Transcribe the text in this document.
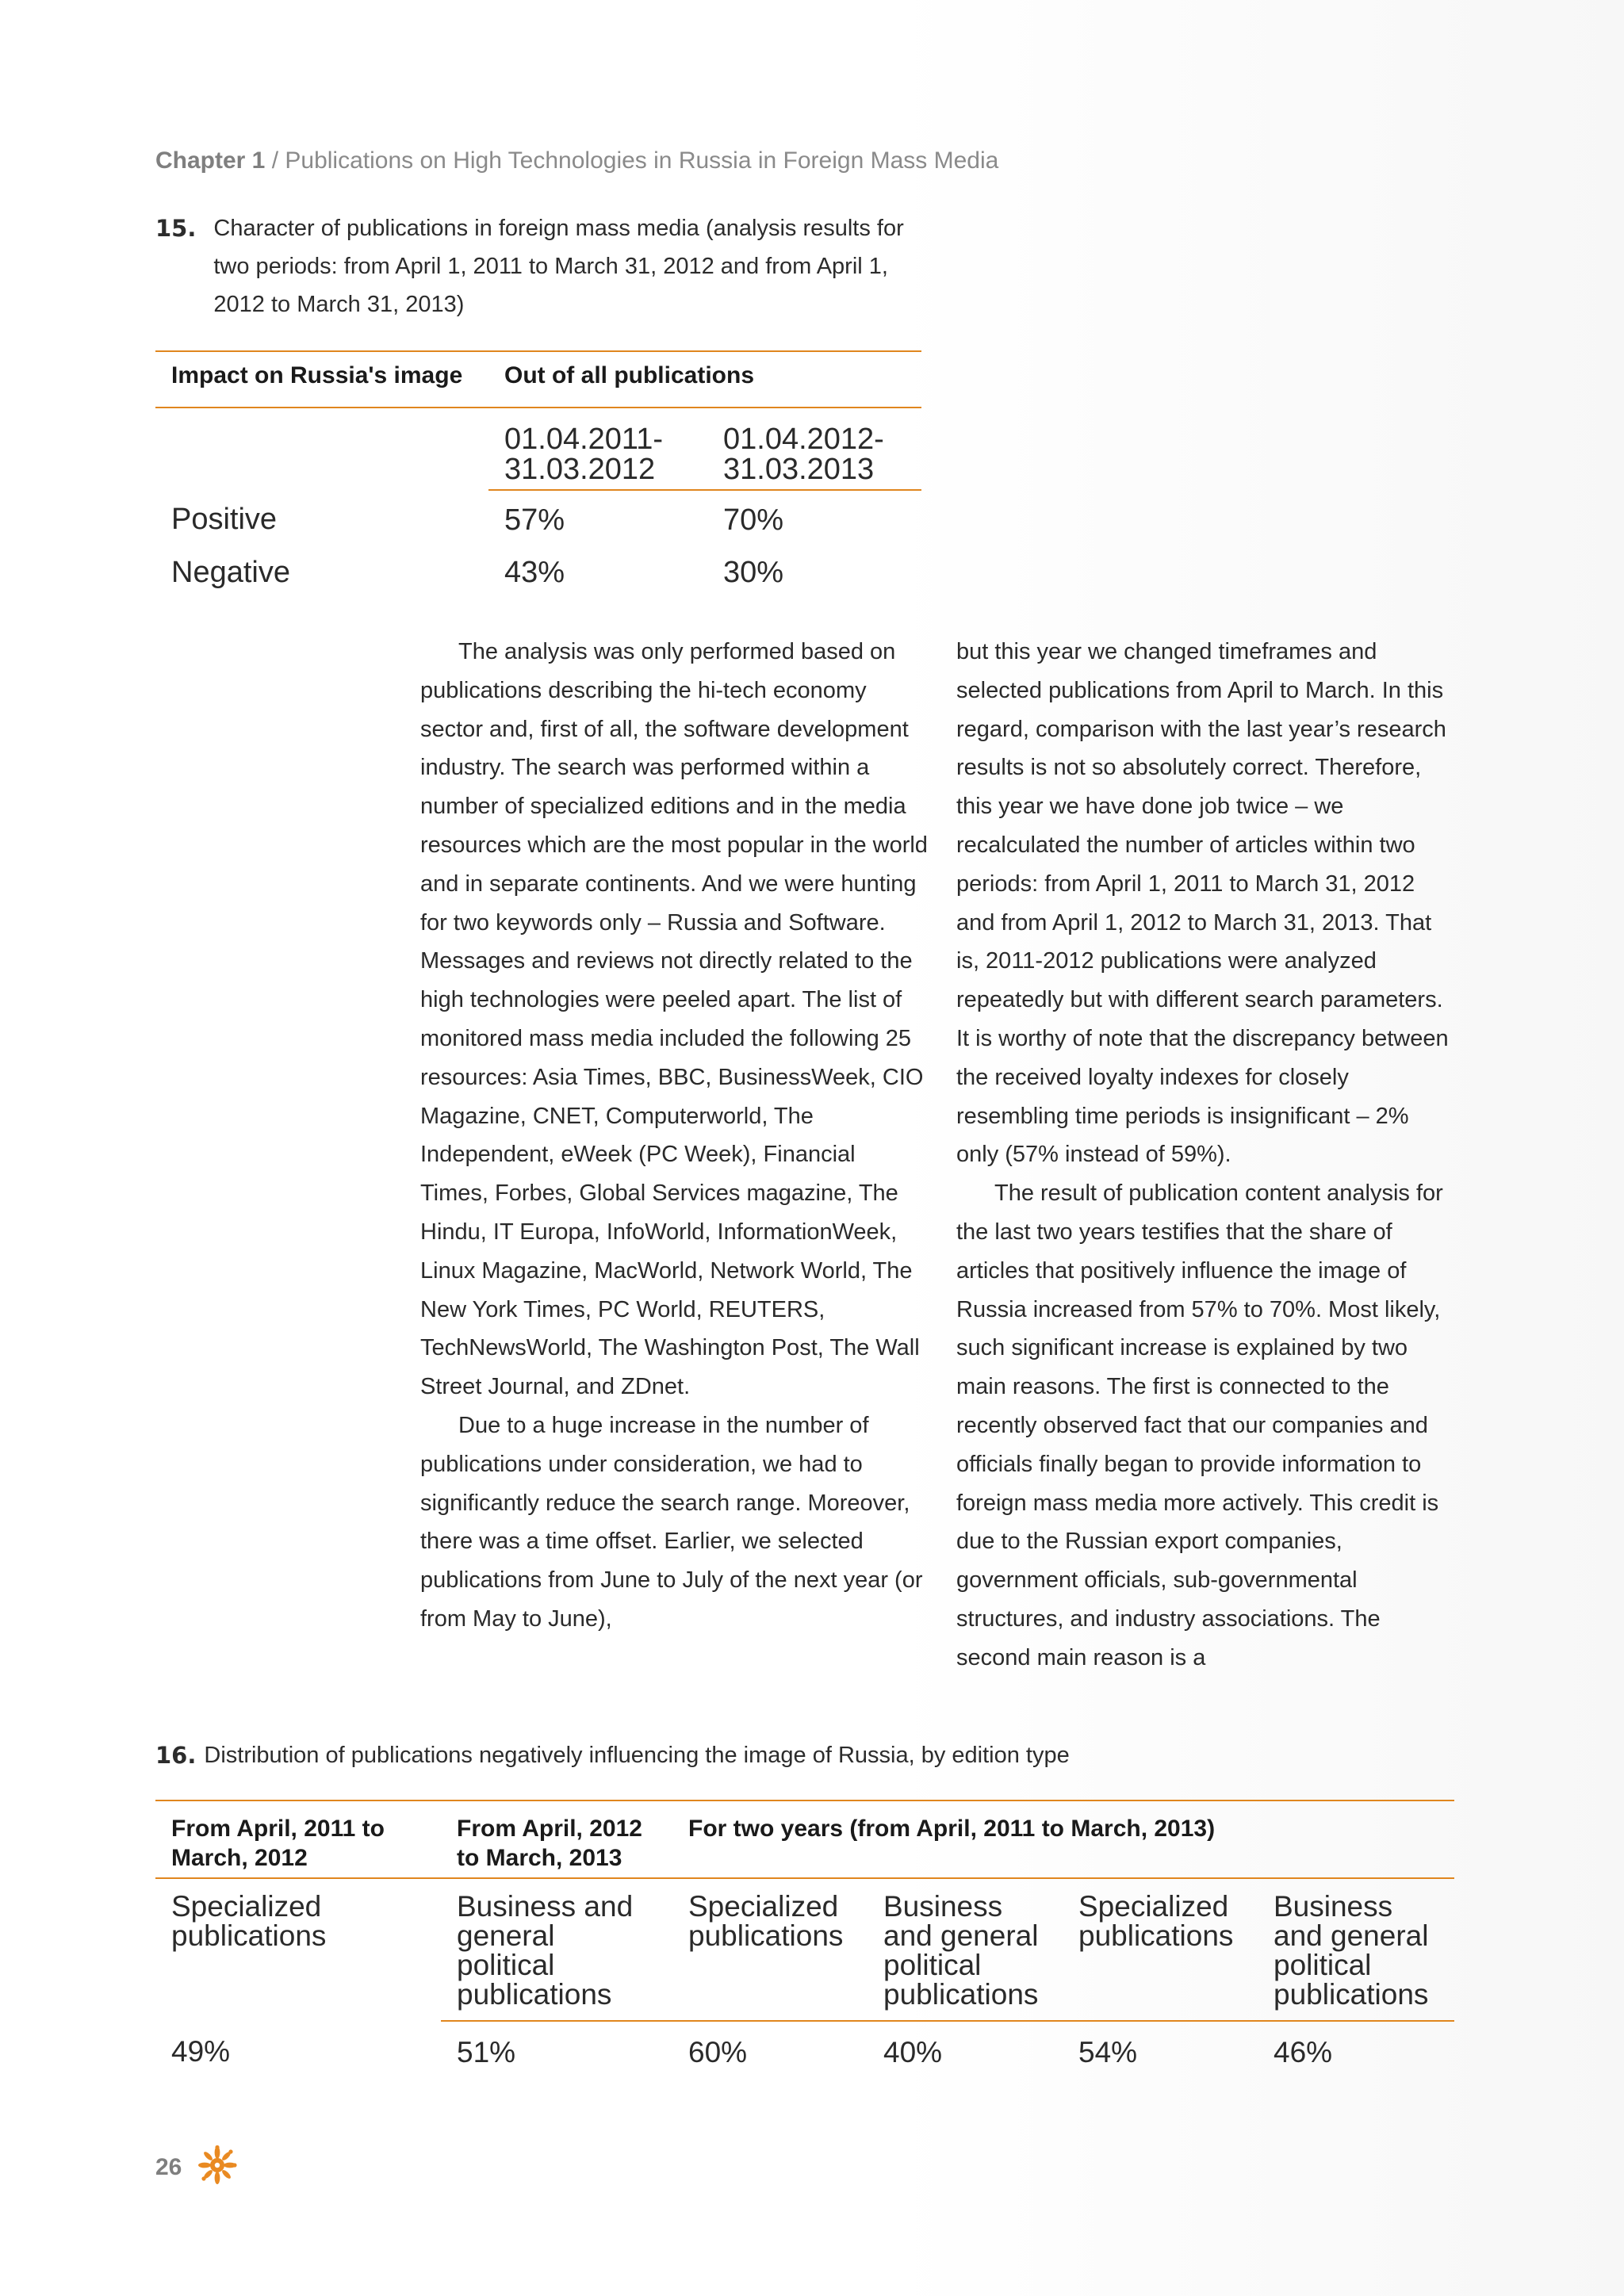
Chapter 1 / Publications on High Technologies in Russia in Foreign Mass Media
15. Character of publications in foreign mass media (analysis results for two periods: from April 1, 2011 to March 31, 2012 and from April 1, 2012 to March 31, 2013)
Impact on Russia's image	Out of all publications	
	01.04.2011-
31.03.2012	01.04.2012-
31.03.2013
Positive	57%	70%
Negative	43%	30%

The analysis was only performed based on publications describing the hi-tech economy sector and, first of all, the software development industry. The search was performed within a number of specialized editions and in the media resources which are the most popular in the world and in separate continents. And we were hunting for two keywords only – Russia and Software. Messages and reviews not directly related to the high technologies were peeled apart. The list of monitored mass media included the following 25 resources: Asia Times, BBC, BusinessWeek, CIO Magazine, CNET, Computerworld, The Independent, eWeek (PC Week), Financial Times, Forbes, Global Services magazine, The Hindu, IT Europa, InfoWorld, InformationWeek, Linux Magazine, MacWorld, Network World, The New York Times, PC World, REUTERS, TechNewsWorld, The Washington Post, The Wall Street Journal, and ZDnet.

Due to a huge increase in the number of publications under consideration, we had to significantly reduce the search range. Moreover, there was a time offset. Earlier, we selected publications from June to July of the next year (or from May to June),

but this year we changed timeframes and selected publications from April to March. In this regard, comparison with the last year’s research results is not so absolutely correct. Therefore, this year we have done job twice – we recalculated the number of articles within two periods: from April 1, 2011 to March 31, 2012 and from April 1, 2012 to March 31, 2013. That is, 2011-2012 publications were analyzed repeatedly but with different search parameters. It is worthy of note that the discrepancy between the received loyalty indexes for closely resembling time periods is insignificant – 2% only (57% instead of 59%).

The result of publication content analysis for the last two years testifies that the share of articles that positively influence the image of Russia increased from 57% to 70%. Most likely, such significant increase is explained by two main reasons. The first is connected to the recently observed fact that our companies and officials finally began to provide information to foreign mass media more actively. This credit is due to the Russian export companies, government officials, sub-governmental structures, and industry associations. The second main reason is a

16. Distribution of publications negatively influencing the image of Russia, by edition type
From April, 2011 to March, 2012	From April, 2012 to March, 2013	For two years (from April, 2011 to March, 2013)			
Specialized publications	Business and general political publications	Specialized publications	Business and general political publications	Specialized publications	Business and general political publications
49%	51%	60%	40%	54%	46%
26
